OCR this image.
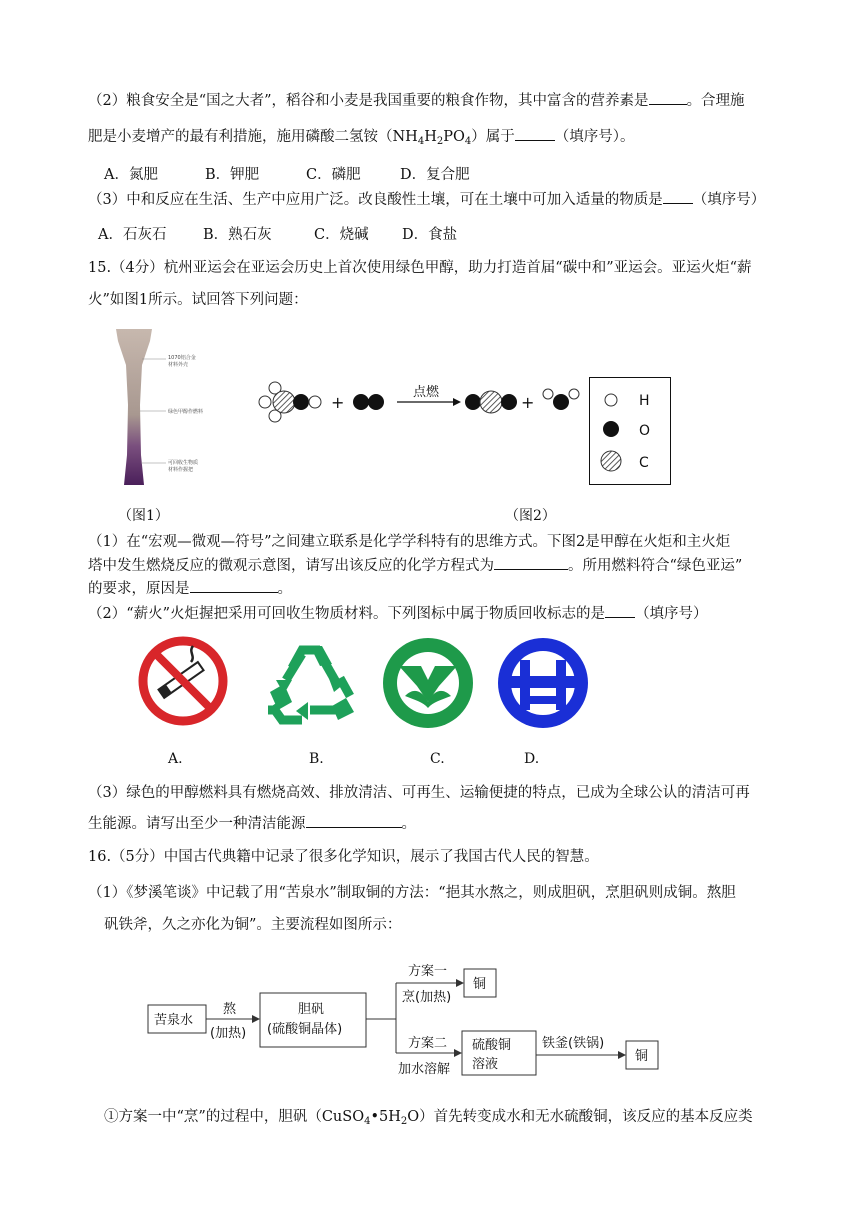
（2）粮食安全是“国之大者”，稻谷和小麦是我国重要的粮食作物，其中富含的营养素是	。合理施
肥是小麦增产的最有利措施，施用磷酸二氢铵$(NH_4H_2PO_4)$属于	（填序号）。
A．氮肥	B．钾肥	C．磷肥	D．复合肥
（3）中和反应在生活、生产中应用广泛。改良酸性土壤，可在土壤中可加入适量的物质是 （填序号）
A．石灰石	B．熟石灰	C．烧碱 D．食盐
15.（4分）杭州亚运会在亚运会历史上首次使用绿色甲醇，助力打造首届“碳中和”亚运会。亚运火炬“薪
火”如图1所示。试回答下列问题：
1070铝合金
材料外壳
绿色甲醇作燃料
可回收生物质
材料作握把
+
点燃
+	H
O
C
（图1）	（图2）
（1）在“宏观—微观—符号”之间建立联系是化学学科特有的思维方式。下图2是甲醇在火炬和主火炬
塔中发生燃烧反应的微观示意图，请写出该反应的化学方程式为	。所用燃料符合“绿色亚运”
的要求，原因是	。
（2）“薪火”火炬握把采用可回收生物质材料。下列图标中属于物质回收标志的是 （填序号）
A.	B.	C.	D.
（3）绿色的甲醇燃料具有燃烧高效、排放清洁、可再生、运输便捷的特点，已成为全球公认的清洁可再
生能源。请写出至少一种清洁能源	。
16.（5分）中国古代典籍中记录了很多化学知识，展示了我国古代人民的智慧。
（1）《梦溪笔谈》中记载了用“苦泉水”制取铜的方法：“挹其水熬之，则成胆矾，烹胆矾则成铜。熬胆
矾铁斧，久之亦化为铜”。主要流程如图所示：
苦泉水
熬
(加热)
胆矾
(硫酸铜晶体)
方案一
烹(加热)
铜
方案二
加水溶解
硫酸铜
溶液
铁釜(铁锅)
铜
①方案一中“烹”的过程中，胆矾$(CuSO_4•5H_2O)$首先转变成水和无水硫酸铜，该反应的基本反应类
